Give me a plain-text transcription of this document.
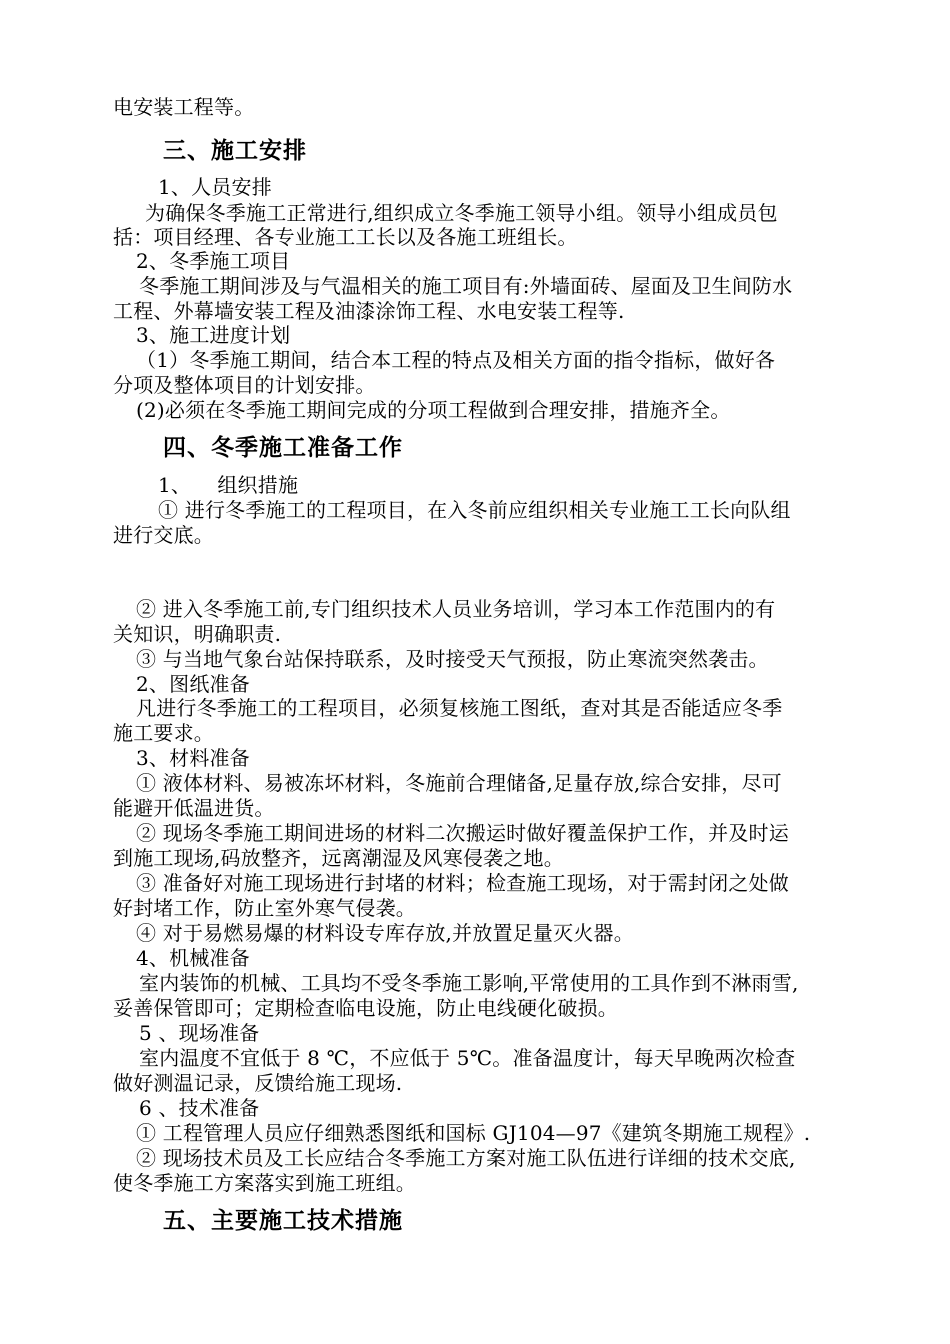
电安装工程等。
三、施工安排
1、人员安排
为确保冬季施工正常进行,组织成立冬季施工领导小组。领导小组成员包
括：项目经理、各专业施工工长以及各施工班组长。
2、冬季施工项目
冬季施工期间涉及与气温相关的施工项目有:外墙面砖、屋面及卫生间防水
工程、外幕墙安装工程及油漆涂饰工程、水电安装工程等.
3、施工进度计划
（1）冬季施工期间，结合本工程的特点及相关方面的指令指标，做好各
分项及整体项目的计划安排。
(2)必须在冬季施工期间完成的分项工程做到合理安排，措施齐全。
四、冬季施工准备工作
1、    组织措施
① 进行冬季施工的工程项目，在入冬前应组织相关专业施工工长向队组
进行交底。
② 进入冬季施工前,专门组织技术人员业务培训，学习本工作范围内的有
关知识，明确职责.
③ 与当地气象台站保持联系，及时接受天气预报，防止寒流突然袭击。
2、图纸准备
凡进行冬季施工的工程项目，必须复核施工图纸，查对其是否能适应冬季
施工要求。
3、材料准备
① 液体材料、易被冻坏材料，冬施前合理储备,足量存放,综合安排，尽可
能避开低温进货。
② 现场冬季施工期间进场的材料二次搬运时做好覆盖保护工作，并及时运
到施工现场,码放整齐，远离潮湿及风寒侵袭之地。
③ 准备好对施工现场进行封堵的材料；检查施工现场，对于需封闭之处做
好封堵工作，防止室外寒气侵袭。
④ 对于易燃易爆的材料设专库存放,并放置足量灭火器。
4、机械准备
室内装饰的机械、工具均不受冬季施工影响,平常使用的工具作到不淋雨雪,
妥善保管即可；定期检查临电设施，防止电线硬化破损。
5 、现场准备
室内温度不宜低于 8 ℃，不应低于 5℃。准备温度计，每天早晚两次检查
做好测温记录，反馈给施工现场.
6 、技术准备
① 工程管理人员应仔细熟悉图纸和国标 GJ104—97《建筑冬期施工规程》.
② 现场技术员及工长应结合冬季施工方案对施工队伍进行详细的技术交底,
使冬季施工方案落实到施工班组。
五、主要施工技术措施
